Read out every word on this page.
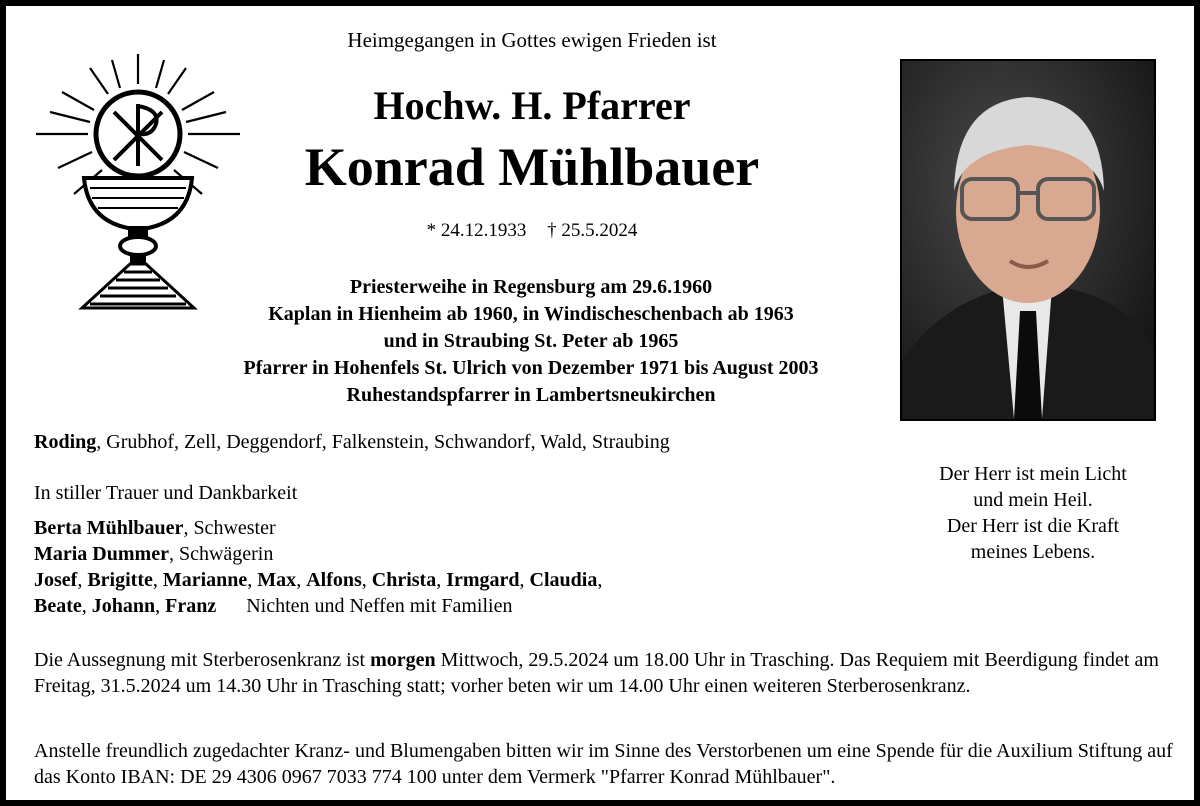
Heimgegangen in Gottes ewigen Frieden ist
Hochw. H. Pfarrer
Konrad Mühlbauer
* 24.12.1933 † 25.5.2024
Priesterweihe in Regensburg am 29.6.1960
Kaplan in Hienheim ab 1960, in Windischeschenbach ab 1963
und in Straubing St. Peter ab 1965
Pfarrer in Hohenfels St. Ulrich von Dezember 1971 bis August 2003
Ruhestandspfarrer in Lambertsneukirchen
Roding, Grubhof, Zell, Deggendorf, Falkenstein, Schwandorf, Wald, Straubing
In stiller Trauer und Dankbarkeit
Berta Mühlbauer, Schwester
Maria Dummer, Schwägerin
Josef, Brigitte, Marianne, Max, Alfons, Christa, Irmgard, Claudia,
Beate, Johann, Franz Nichten und Neffen mit Familien
Der Herr ist mein Licht
und mein Heil.
Der Herr ist die Kraft
meines Lebens.
Die Aussegnung mit Sterberosenkranz ist morgen Mittwoch, 29.5.2024 um 18.00 Uhr in Trasching. Das Requiem mit Beerdigung findet am Freitag, 31.5.2024 um 14.30 Uhr in Trasching statt; vorher beten wir um 14.00 Uhr einen weiteren Sterberosenkranz.
Anstelle freundlich zugedachter Kranz- und Blumengaben bitten wir im Sinne des Verstorbenen um eine Spende für die Auxilium Stiftung auf das Konto IBAN: DE 29 4306 0967 7033 774 100 unter dem Vermerk "Pfarrer Konrad Mühlbauer".
